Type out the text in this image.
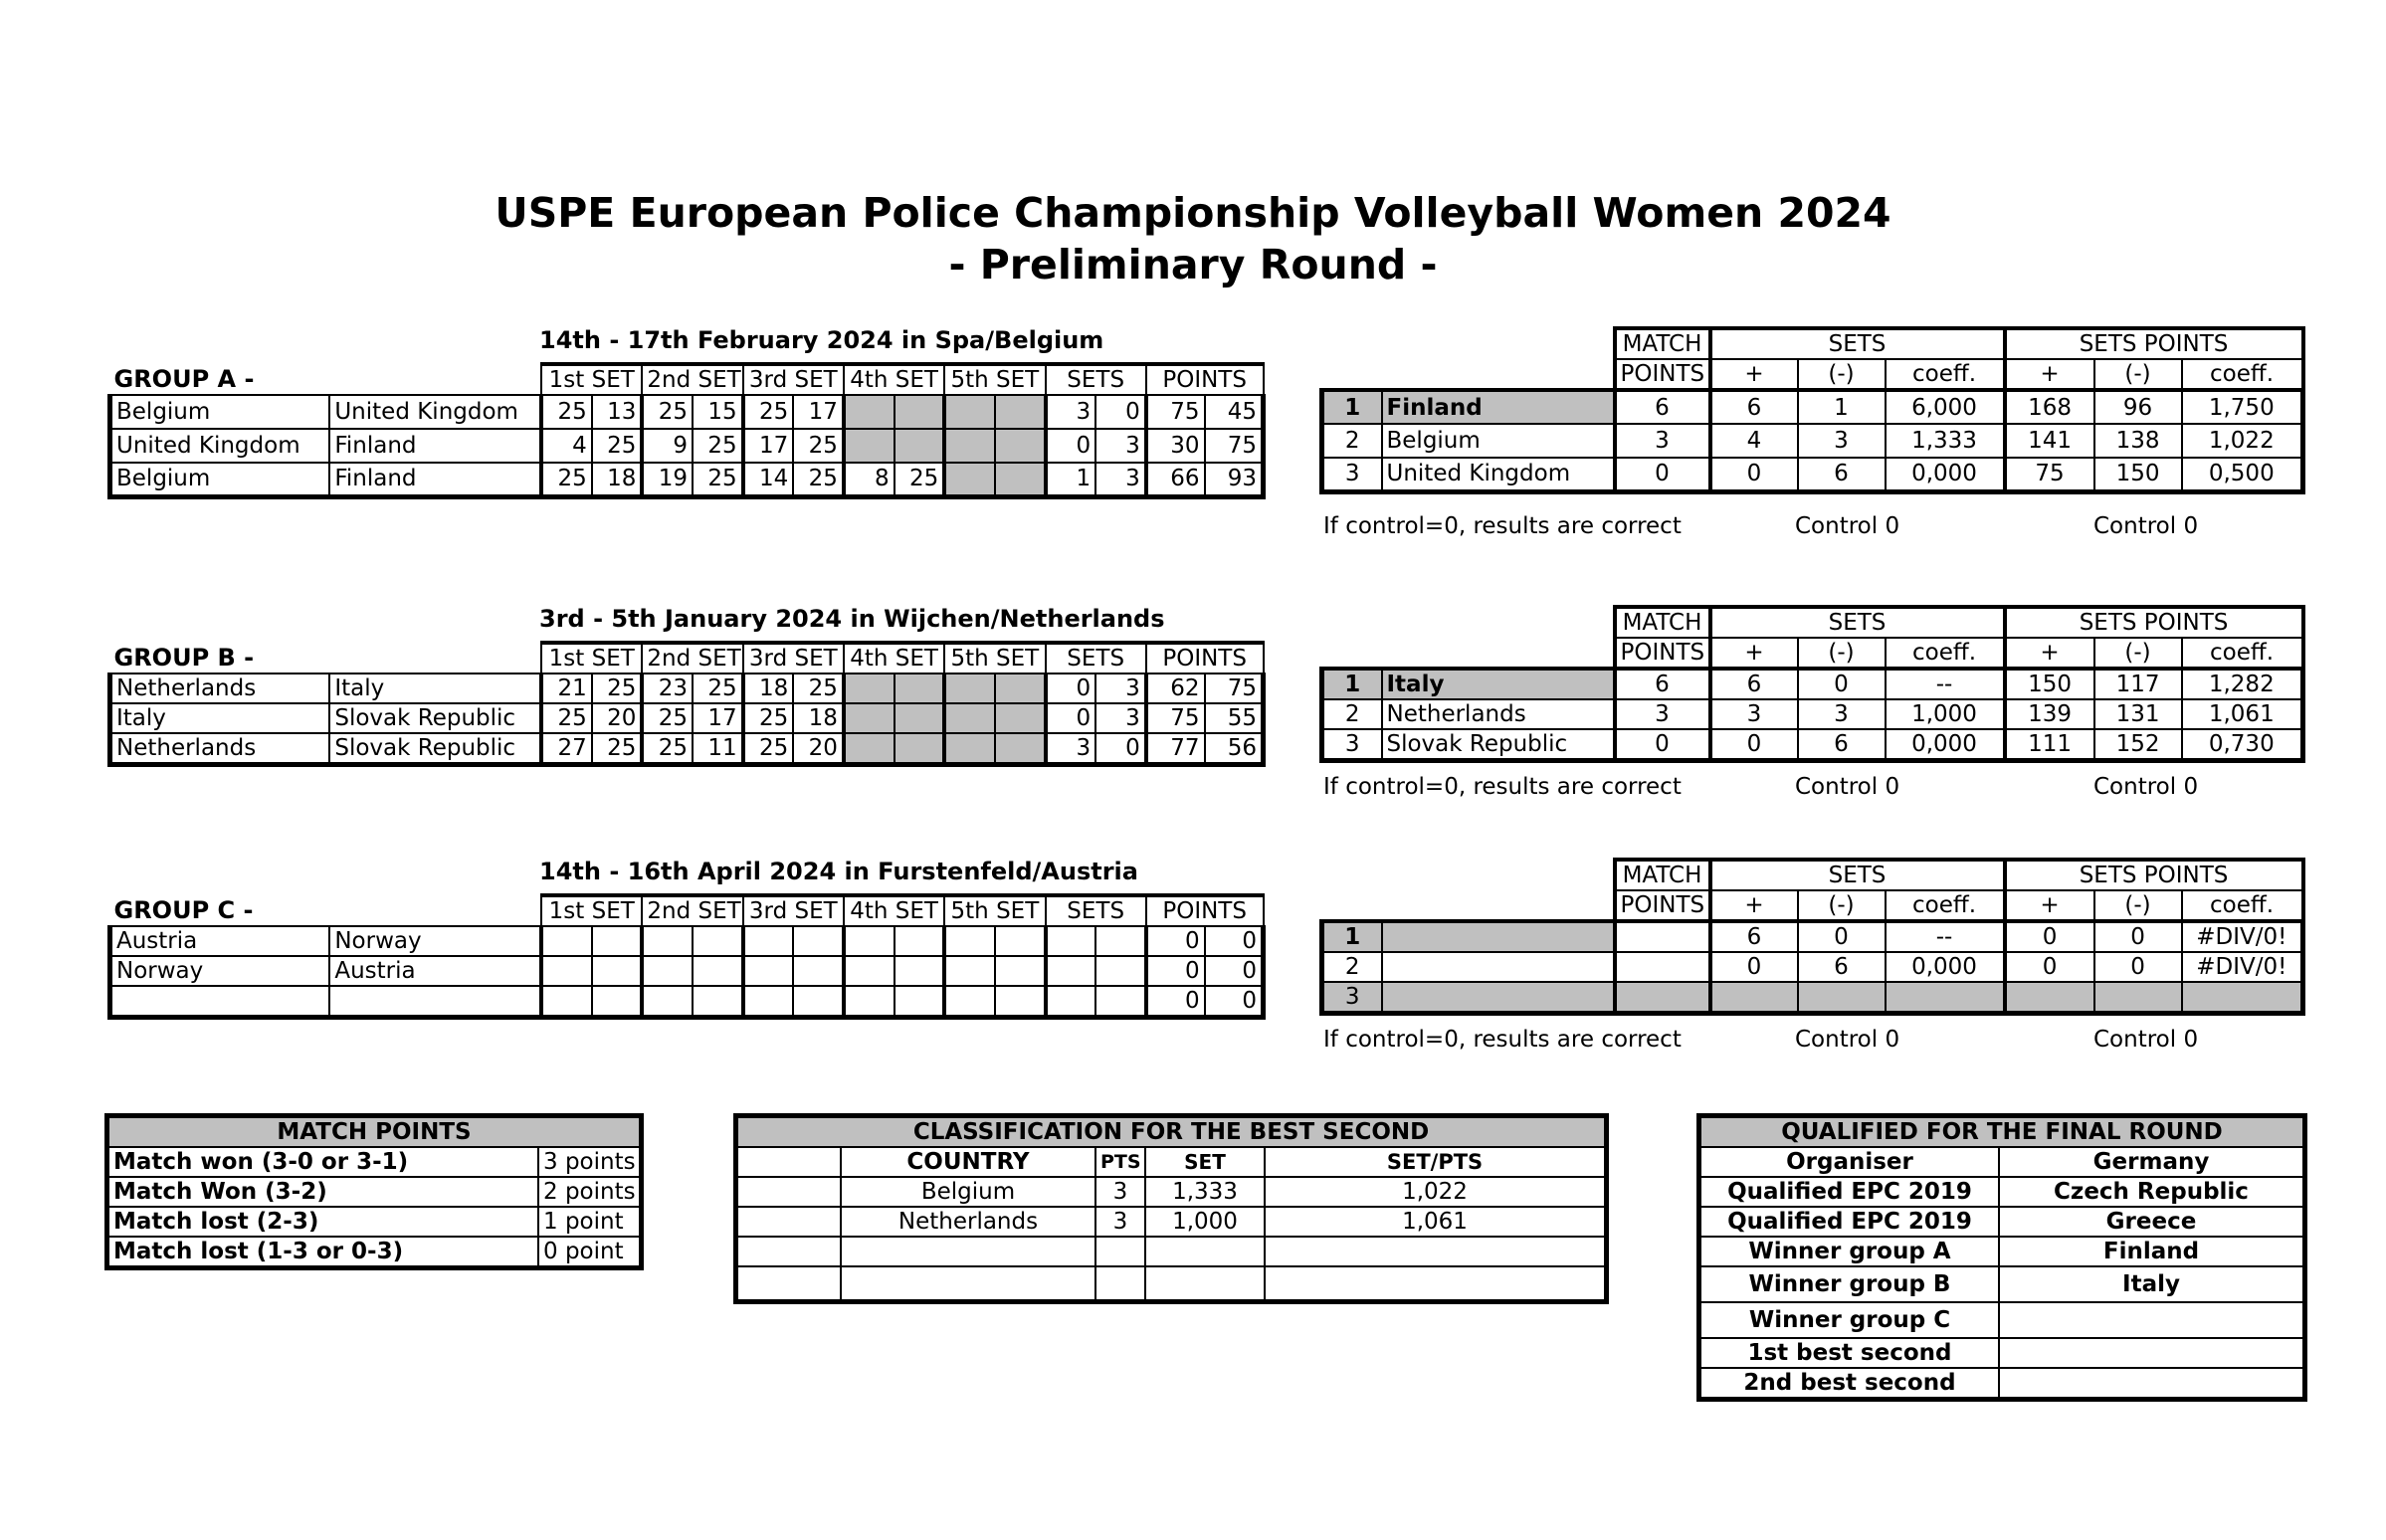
USPE European Police Championship Volleyball Women 2024
- Preliminary Round -
14th - 17th February 2024 in Spa/Belgium
GROUP A -		1st SET		2nd SET		3rd SET		4th SET		5th SET		SETS		POINTS	
Belgium	United Kingdom	25	13	25	15	25	17					3	0	75	45
United Kingdom	Finland	4	25	9	25	17	25					0	3	30	75
Belgium	Finland	25	18	19	25	14	25	8	25			1	3	66	93
		MATCH	SETS			SETS POINTS		
		POINTS	+	(-)	coeff.	+	(-)	coeff.
1	Finland	6	6	1	6,000	168	96	1,750
2	Belgium	3	4	3	1,333	141	138	1,022
3	United Kingdom	0	0	6	0,000	75	150	0,500
If control=0, results are correct	Control 0	Control 0
3rd - 5th January 2024 in Wijchen/Netherlands
GROUP B -		1st SET		2nd SET		3rd SET		4th SET		5th SET		SETS		POINTS	
Netherlands	Italy	21	25	23	25	18	25					0	3	62	75
Italy	Slovak Republic	25	20	25	17	25	18					0	3	75	55
Netherlands	Slovak Republic	27	25	25	11	25	20					3	0	77	56
		MATCH	SETS			SETS POINTS		
		POINTS	+	(-)	coeff.	+	(-)	coeff.
1	Italy	6	6	0	--	150	117	1,282
2	Netherlands	3	3	3	1,000	139	131	1,061
3	Slovak Republic	0	0	6	0,000	111	152	0,730
If control=0, results are correct	Control 0	Control 0
14th - 16th April 2024 in Furstenfeld/Austria
GROUP C -		1st SET		2nd SET		3rd SET		4th SET		5th SET		SETS		POINTS	
Austria	Norway													0	0
Norway	Austria													0	0
														0	0
		MATCH	SETS			SETS POINTS		
		POINTS	+	(-)	coeff.	+	(-)	coeff.
1			6	0	--	0	0	#DIV/0!
2			0	6	0,000	0	0	#DIV/0!
3								
If control=0, results are correct	Control 0	Control 0
MATCH POINTS	
Match won (3-0 or 3-1)	3 points
Match Won (3-2)	2 points
Match lost (2-3)	1 point
Match lost (1-3 or 0-3)	0 point
CLASSIFICATION FOR THE BEST SECOND				
	COUNTRY	PTS	SET	SET/PTS
	Belgium	3	1,333	1,022
	Netherlands	3	1,000	1,061

QUALIFIED FOR THE FINAL ROUND	
Organiser	Germany
Qualified EPC 2019	Czech Republic
Qualified EPC 2019	Greece
Winner group A	Finland
Winner group B	Italy
Winner group C	
1st best second	
2nd best second	
